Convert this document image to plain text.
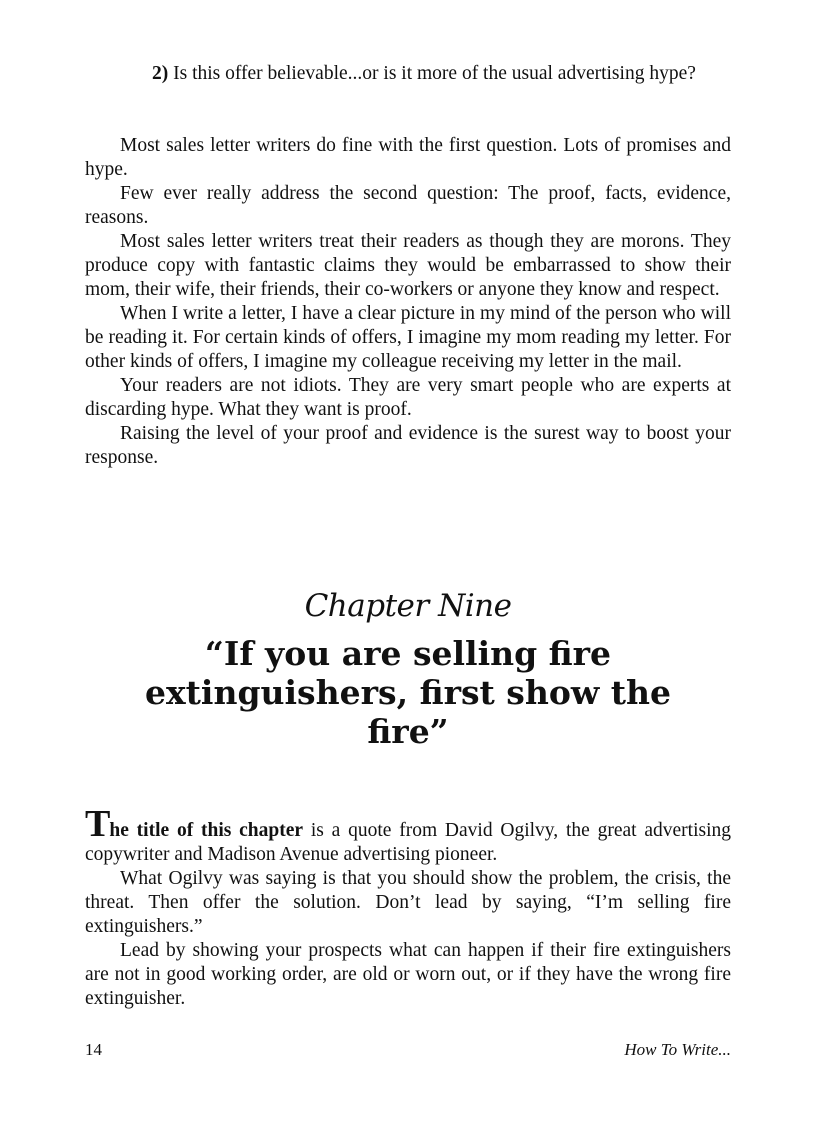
2) Is this offer believable...or is it more of the usual advertising hype?

Most sales letter writers do fine with the first question. Lots of promises and hype.

Few ever really address the second question: The proof, facts, evidence, reasons.

Most sales letter writers treat their readers as though they are morons. They produce copy with fantastic claims they would be embarrassed to show their mom, their wife, their friends, their co-workers or anyone they know and respect.

When I write a letter, I have a clear picture in my mind of the person who will be reading it. For certain kinds of offers, I imagine my mom reading my letter. For other kinds of offers, I imagine my colleague receiving my letter in the mail.

Your readers are not idiots. They are very smart people who are experts at discarding hype. What they want is proof.

Raising the level of your proof and evidence is the surest way to boost your response.

Chapter Nine
“If you are selling fire extinguishers, first show the fire”

The title of this chapter is a quote from David Ogilvy, the great advertising copywriter and Madison Avenue advertising pioneer.

What Ogilvy was saying is that you should show the problem, the crisis, the threat. Then offer the solution. Don’t lead by saying, “I’m selling fire extinguishers.”

Lead by showing your prospects what can happen if their fire extinguishers are not in good working order, are old or worn out, or if they have the wrong fire extinguisher.

14	How To Write...
